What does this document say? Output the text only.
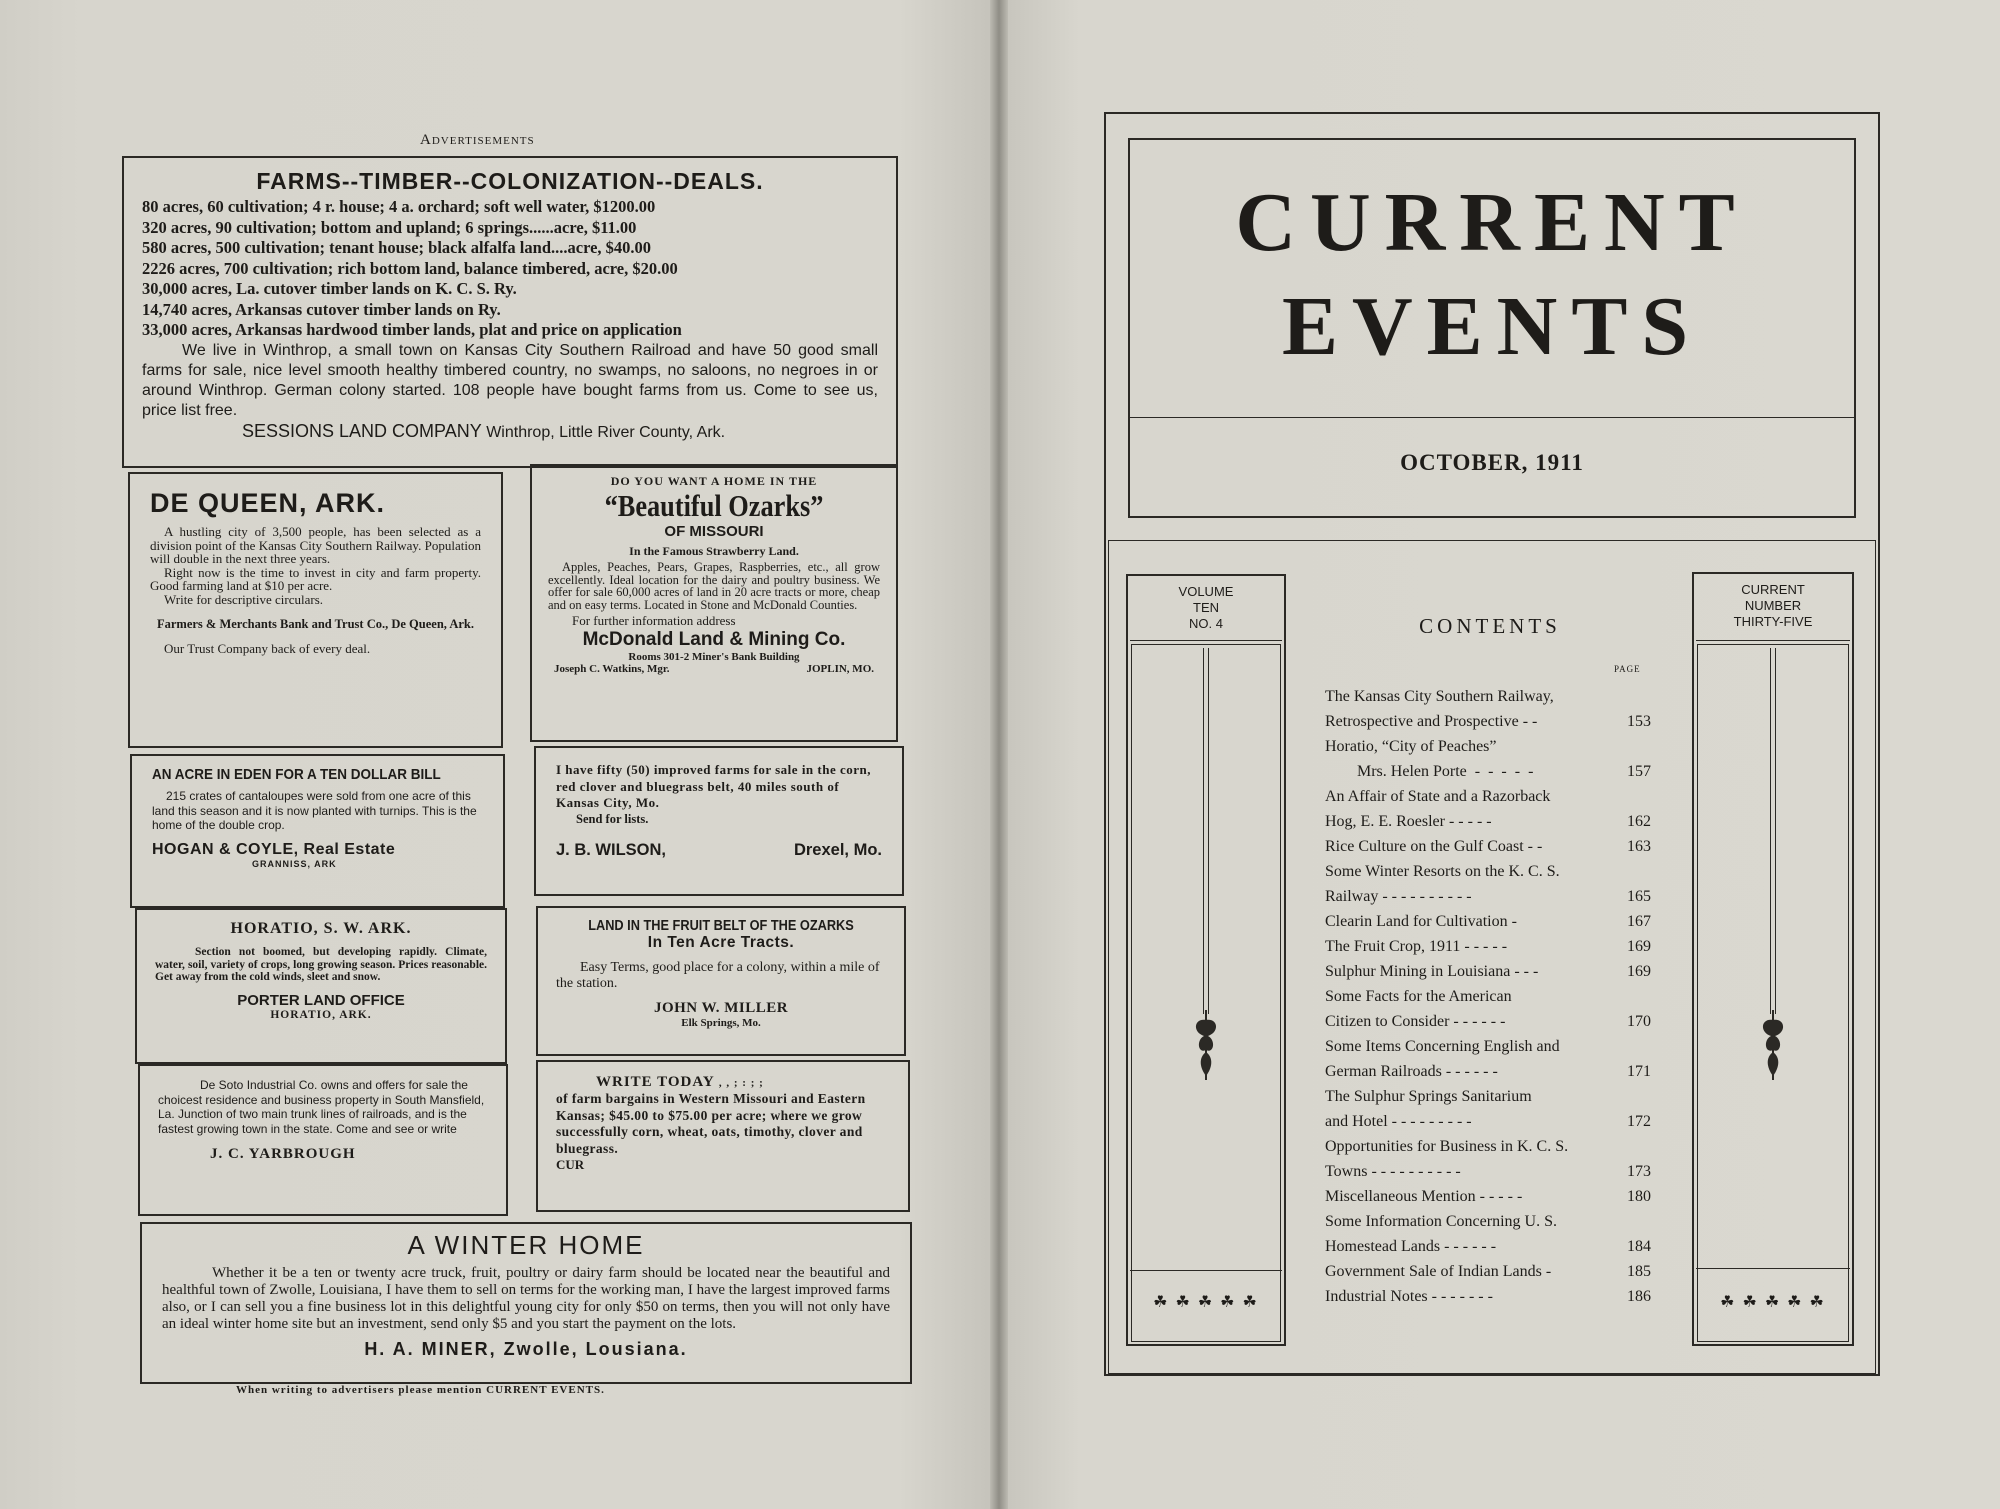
Advertisements
FARMS--TIMBER--COLONIZATION--DEALS.
80 acres, 60 cultivation; 4 r. house; 4 a. orchard; soft well water, $1200.00
320 acres, 90 cultivation; bottom and upland; 6 springs......acre, $11.00
580 acres, 500 cultivation; tenant house; black alfalfa land....acre, $40.00
2226 acres, 700 cultivation; rich bottom land, balance timbered, acre, $20.00
30,000 acres, La. cutover timber lands on K. C. S. Ry.
14,740 acres, Arkansas cutover timber lands on Ry.
33,000 acres, Arkansas hardwood timber lands, plat and price on application
We live in Winthrop, a small town on Kansas City Southern Railroad and have 50 good small farms for sale, nice level smooth healthy timbered country, no swamps, no saloons, no negroes in or around Winthrop. German colony started. 108 people have bought farms from us. Come to see us, price list free.
SESSIONS LAND COMPANY Winthrop, Little River County, Ark.
DE QUEEN, ARK.
A hustling city of 3,500 people, has been selected as a division point of the Kansas City Southern Railway. Population will double in the next three years.
Right now is the time to invest in city and farm property. Good farming land at $10 per acre.
Write for descriptive circulars.
Farmers & Merchants Bank and Trust Co., De Queen, Ark.
Our Trust Company back of every deal.
DO YOU WANT A HOME IN THE
“Beautiful Ozarks”
OF MISSOURI
In the Famous Strawberry Land.
Apples, Peaches, Pears, Grapes, Raspberries, etc., all grow excellently. Ideal location for the dairy and poultry business. We offer for sale 60,000 acres of land in 20 acre tracts or more, cheap and on easy terms. Located in Stone and McDonald Counties.
For further information address
McDonald Land & Mining Co.
Rooms 301-2 Miner's Bank Building
Joseph C. Watkins, Mgr.	JOPLIN, MO.
AN ACRE IN EDEN FOR A TEN DOLLAR BILL
215 crates of cantaloupes were sold from one acre of this land this season and it is now planted with turnips. This is the home of the double crop.
HOGAN & COYLE, Real Estate
GRANNISS, ARK
I have fifty (50) improved farms for sale in the corn, red clover and bluegrass belt, 40 miles south of Kansas City, Mo.
Send for lists.
J. B. WILSON,	Drexel, Mo.
HORATIO, S. W. ARK.
Section not boomed, but developing rapidly. Climate, water, soil, variety of crops, long growing season. Prices reasonable. Get away from the cold winds, sleet and snow.
PORTER LAND OFFICE
HORATIO, ARK.
LAND IN THE FRUIT BELT OF THE OZARKS
In Ten Acre Tracts.
Easy Terms, good place for a colony, within a mile of the station.
JOHN W. MILLER
Elk Springs, Mo.
De Soto Industrial Co. owns and offers for sale the choicest residence and business property in South Mansfield, La. Junction of two main trunk lines of railroads, and is the fastest growing town in the state. Come and see or write
J. C. YARBROUGH
WRITE TODAY , , ; : ; ;
of farm bargains in Western Missouri and Eastern Kansas; $45.00 to $75.00 per acre; where we grow successfully corn, wheat, oats, timothy, clover and bluegrass.
CUR
A WINTER HOME
Whether it be a ten or twenty acre truck, fruit, poultry or dairy farm should be located near the beautiful and healthful town of Zwolle, Louisiana, I have them to sell on terms for the working man, I have the largest improved farms also, or I can sell you a fine business lot in this delightful young city for only $50 on terms, then you will not only have an ideal winter home site but an investment, send only $5 and you start the payment on the lots.
H. A. MINER, Zwolle, Lousiana.
When writing to advertisers please mention CURRENT EVENTS.
CURRENT
EVENTS
OCTOBER, 1911
VOLUME
TEN
NO. 4
☘ ☘ ☘ ☘ ☘
CURRENT
NUMBER
THIRTY-FIVE
☘ ☘ ☘ ☘ ☘
CONTENTS
PAGE
The Kansas City Southern Railway,
Retrospective and Prospective - -	153
Horatio, “City of Peaches”
Mrs. Helen Porte  -  -  -  -  -	157
An Affair of State and a Razorback
Hog, E. E. Roesler - - - - -	162
Rice Culture on the Gulf Coast - -	163
Some Winter Resorts on the K. C. S.
Railway - - - - - - - - - -	165
Clearin Land for Cultivation -	167
The Fruit Crop, 1911 - - - - -	169
Sulphur Mining in Louisiana - - -	169
Some Facts for the American
Citizen to Consider - - - - - -	170
Some Items Concerning English and
German Railroads - - - - - -	171
The Sulphur Springs Sanitarium
and Hotel - - - - - - - - -	172
Opportunities for Business in K. C. S.
Towns - - - - - - - - - -	173
Miscellaneous Mention - - - - -	180
Some Information Concerning U. S.
Homestead Lands - - - - - -	184
Government Sale of Indian Lands -	185
Industrial Notes - - - - - - -	186
